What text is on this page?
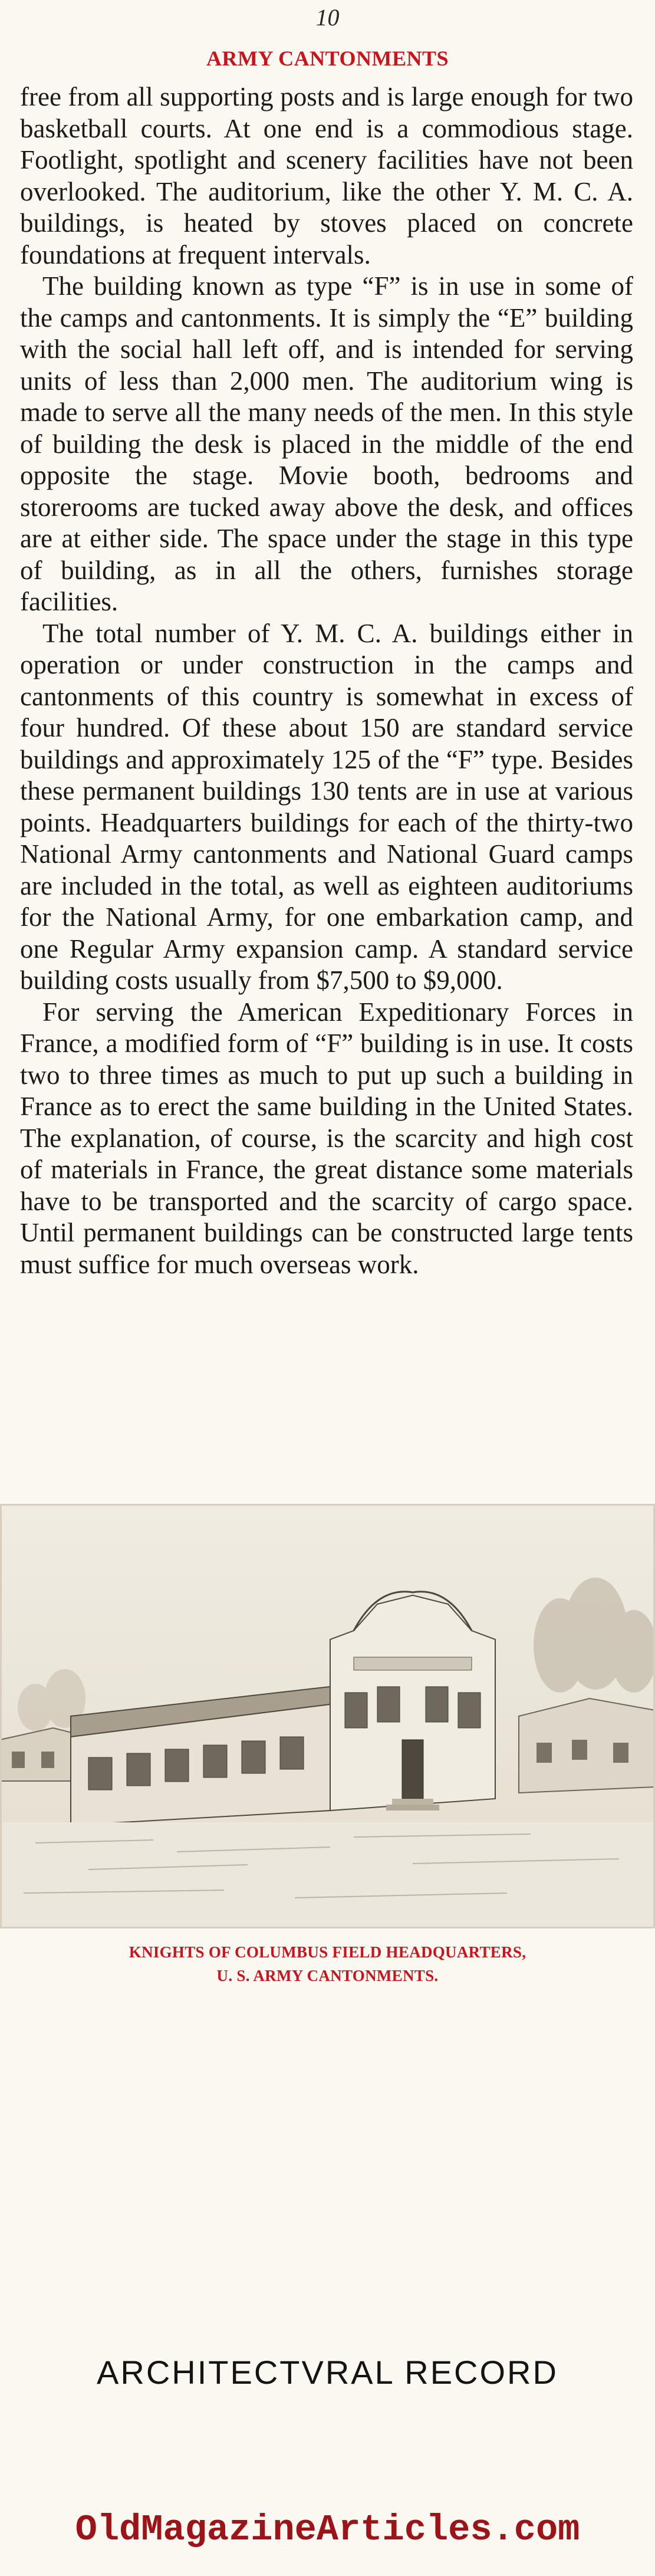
10
ARMY CANTONMENTS

free from all supporting posts and is large enough for two basketball courts. At one end is a commodious stage. Footlight, spotlight and scenery facilities have not been overlooked. The auditorium, like the other Y. M. C. A. buildings, is heated by stoves placed on concrete foundations at frequent intervals.

The building known as type “F” is in use in some of the camps and cantonments. It is simply the “E” building with the social hall left off, and is intended for serving units of less than 2,000 men. The auditorium wing is made to serve all the many needs of the men. In this style of building the desk is placed in the middle of the end opposite the stage. Movie booth, bedrooms and storerooms are tucked away above the desk, and offices are at either side. The space under the stage in this type of building, as in all the others, furnishes storage facilities.

The total number of Y. M. C. A. buildings either in operation or under construction in the camps and cantonments of this country is somewhat in excess of four hundred. Of these about 150 are standard service buildings and approximately 125 of the “F” type. Besides these permanent buildings 130 tents are in use at various points. Headquarters buildings for each of the thirty-two National Army cantonments and National Guard camps are included in the total, as well as eighteen auditoriums for the National Army, for one embarkation camp, and one Regular Army expansion camp. A standard service building costs usually from $7,500 to $9,000.

For serving the American Expeditionary Forces in France, a modified form of “F” building is in use. It costs two to three times as much to put up such a building in France as to erect the same building in the United States. The explanation, of course, is the scarcity and high cost of materials in France, the great distance some materials have to be transported and the scarcity of cargo space. Until permanent buildings can be constructed large tents must suffice for much overseas work.

KNIGHTS OF COLUMBUS FIELD HEADQUARTERS,
U. S. ARMY CANTONMENTS.
ARCHITECTVRAL RECORD
OldMagazineArticles.com
